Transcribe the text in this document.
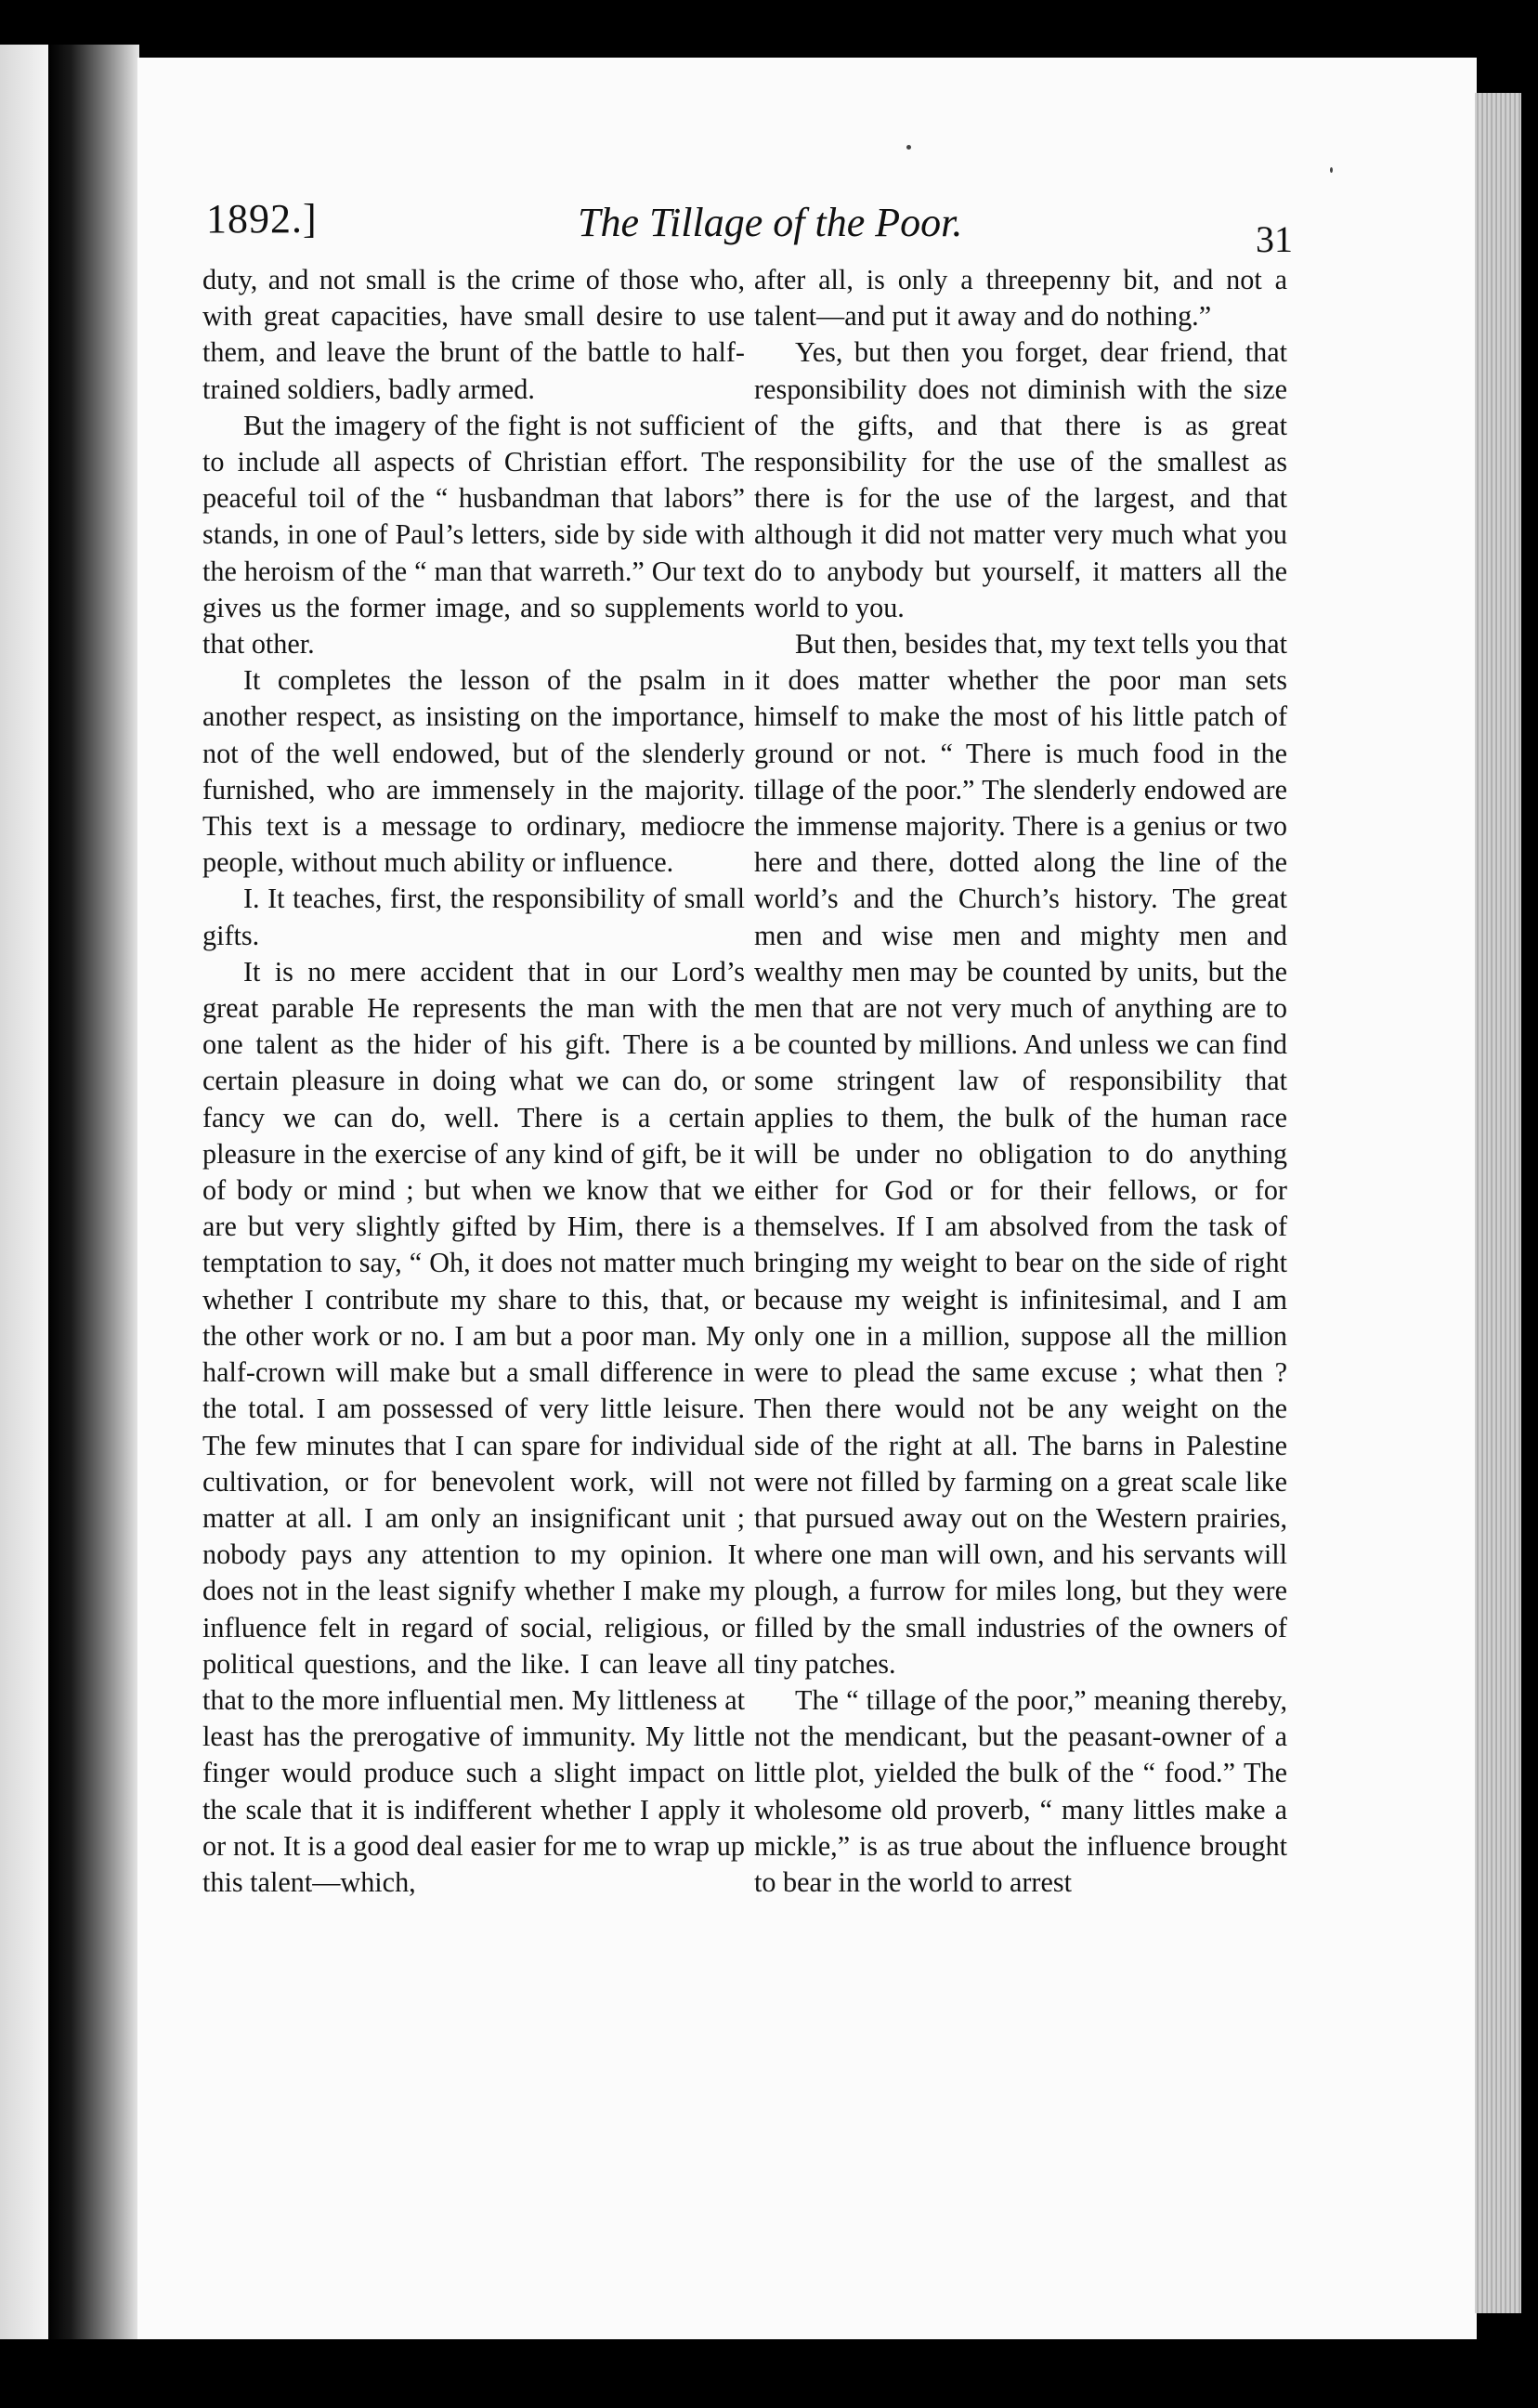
1892.]	The Tillage of the Poor.	31

duty, and not small is the crime of those who, with great capacities, have small desire to use them, and leave the brunt of the battle to half-trained soldiers, badly armed.

But the imagery of the fight is not sufficient to include all aspects of Christian effort. The peaceful toil of the “ husbandman that labors” stands, in one of Paul’s letters, side by side with the heroism of the “ man that warreth.” Our text gives us the former image, and so supplements that other.

It completes the lesson of the psalm in another respect, as insisting on the importance, not of the well endowed, but of the slenderly furnished, who are immensely in the majority. This text is a message to ordinary, mediocre people, without much ability or influence.

I. It teaches, first, the responsibility of small gifts.

It is no mere accident that in our Lord’s great parable He represents the man with the one talent as the hider of his gift. There is a certain pleasure in doing what we can do, or fancy we can do, well. There is a certain pleasure in the exercise of any kind of gift, be it of body or mind ; but when we know that we are but very slightly gifted by Him, there is a temptation to say, “ Oh, it does not matter much whether I contribute my share to this, that, or the other work or no. I am but a poor man. My half-crown will make but a small difference in the total. I am possessed of very little leisure. The few minutes that I can spare for individual cultivation, or for benevolent work, will not matter at all. I am only an insignificant unit ; nobody pays any attention to my opinion. It does not in the least signify whether I make my influence felt in regard of social, religious, or political questions, and the like. I can leave all that to the more influential men. My littleness at least has the prerogative of immunity. My little finger would produce such a slight impact on the scale that it is indifferent whether I apply it or not. It is a good deal easier for me to wrap up this talent—which,

after all, is only a threepenny bit, and not a talent—and put it away and do nothing.”

Yes, but then you forget, dear friend, that responsibility does not diminish with the size of the gifts, and that there is as great responsibility for the use of the smallest as there is for the use of the largest, and that although it did not matter very much what you do to anybody but yourself, it matters all the world to you.

But then, besides that, my text tells you that it does matter whether the poor man sets himself to make the most of his little patch of ground or not. “ There is much food in the tillage of the poor.” The slenderly endowed are the immense majority. There is a genius or two here and there, dotted along the line of the world’s and the Church’s history. The great men and wise men and mighty men and wealthy men may be counted by units, but the men that are not very much of anything are to be counted by millions. And unless we can find some stringent law of responsibility that applies to them, the bulk of the human race will be under no obligation to do anything either for God or for their fellows, or for themselves. If I am absolved from the task of bringing my weight to bear on the side of right because my weight is infinitesimal, and I am only one in a million, suppose all the million were to plead the same excuse ; what then ? Then there would not be any weight on the side of the right at all. The barns in Palestine were not filled by farming on a great scale like that pursued away out on the Western prairies, where one man will own, and his servants will plough, a furrow for miles long, but they were filled by the small industries of the owners of tiny patches.

The “ tillage of the poor,” meaning thereby, not the mendicant, but the peasant-owner of a little plot, yielded the bulk of the “ food.” The wholesome old proverb, “ many littles make a mickle,” is as true about the influence brought to bear in the world to arrest
